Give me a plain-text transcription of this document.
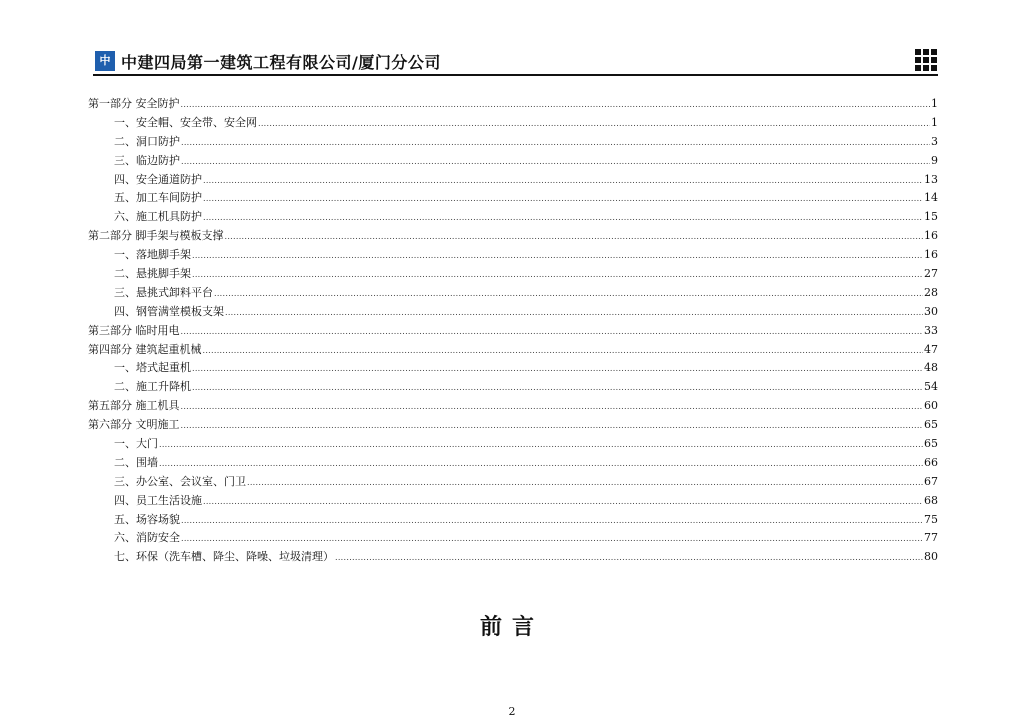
中 中建四局第一建筑工程有限公司/厦门分公司
第一部分 安全防护 .....	1
一、安全帽、安全带、安全网 .....	1
二、洞口防护 .....	3
三、临边防护 .....	9
四、安全通道防护 .....	13
五、加工车间防护 .....	14
六、施工机具防护 .....	15
第二部分 脚手架与模板支撑 .....	16
一、落地脚手架 .....	16
二、悬挑脚手架 .....	27
三、悬挑式卸料平台 .....	28
四、钢管满堂模板支架 .....	30
第三部分 临时用电 .....	33
第四部分 建筑起重机械 .....	47
一、塔式起重机 .....	48
二、施工升降机 .....	54
第五部分 施工机具 .....	60
第六部分 文明施工 .....	65
一、大门 .....	65
二、围墙 .....	66
三、办公室、会议室、门卫 .....	67
四、员工生活设施 .....	68
五、场容场貌 .....	75
六、消防安全 .....	77
七、环保（洗车槽、降尘、降噪、垃圾清理） .....	80
前言
2
